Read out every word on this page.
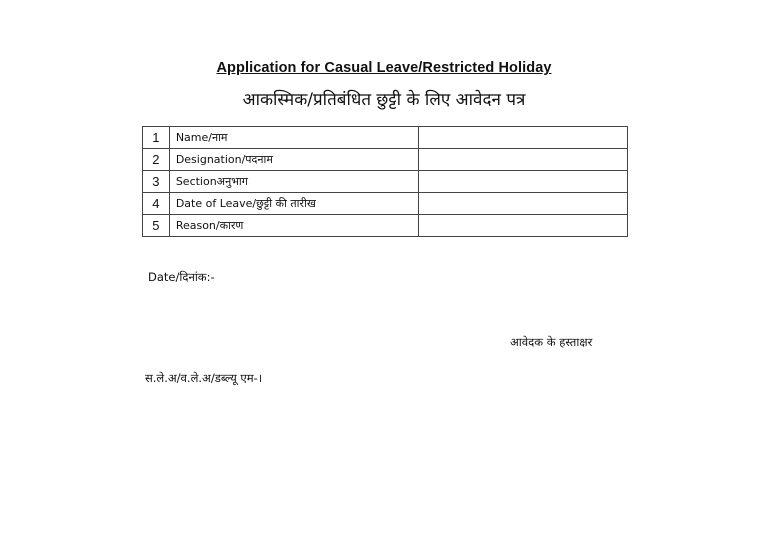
Application for Casual Leave/Restricted Holiday
आकस्मिक/प्रतिबंधित छुट्टी के लिए आवेदन पत्र
1	Name/नाम	
2	Designation/पदनाम	
3	Sectionअनुभाग	
4	Date of Leave/छुट्टी की तारीख	
5	Reason/कारण	
Date/दिनांक:-
आवेदक के हस्ताक्षर
स.ले.अ/व.ले.अ/डब्ल्यू एम-।
